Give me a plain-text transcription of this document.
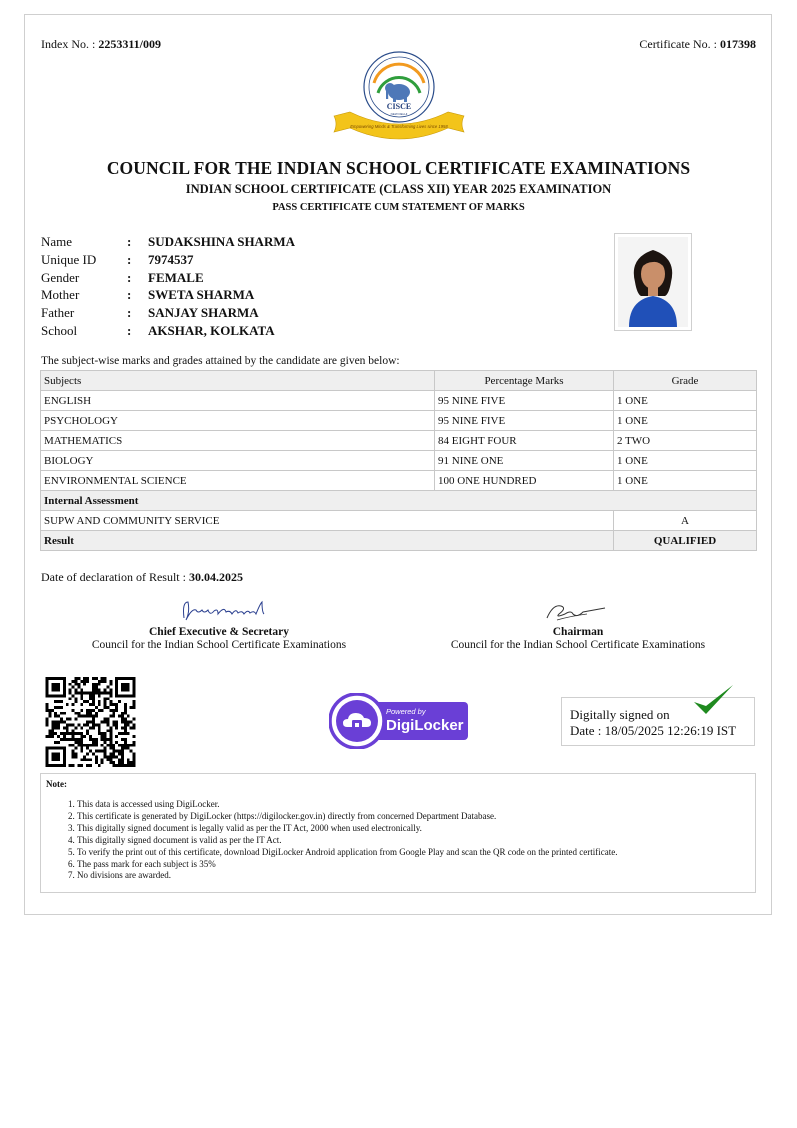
Index No. : 2253311/009	Certificate No. : 017398
CISCE
NEW DELHI
Empowering Minds & Transforming Lives since 1958
COUNCIL FOR THE INDIAN SCHOOL CERTIFICATE EXAMINATIONS
INDIAN SCHOOL CERTIFICATE (CLASS XII) YEAR 2025 EXAMINATION
PASS CERTIFICATE CUM STATEMENT OF MARKS
Name	:	SUDAKSHINA SHARMA
Unique ID	:	7974537
Gender	:	FEMALE
Mother	:	SWETA SHARMA
Father	:	SANJAY SHARMA
School	:	AKSHAR, KOLKATA
The subject-wise marks and grades attained by the candidate are given below:
Subjects	Percentage Marks	Grade
ENGLISH	95 NINE FIVE	1 ONE
PSYCHOLOGY	95 NINE FIVE	1 ONE
MATHEMATICS	84 EIGHT FOUR	2 TWO
BIOLOGY	91 NINE ONE	1 ONE
ENVIRONMENTAL SCIENCE	100 ONE HUNDRED	1 ONE
Internal Assessment		
SUPW AND COMMUNITY SERVICE		A
Result		QUALIFIED
Date of declaration of Result : 30.04.2025
Chief Executive & Secretary
Council for the Indian School Certificate Examinations
Chairman
Council for the Indian School Certificate Examinations
Powered by
DigiLocker
Digitally signed on
Date : 18/05/2025 12:26:19 IST
Note:
1. This data is accessed using DigiLocker.
2. This certificate is generated by DigiLocker (https://digilocker.gov.in) directly from concerned Department Database.
3. This digitally signed document is legally valid as per the IT Act, 2000 when used electronically.
4. This digitally signed document is valid as per the IT Act.
5. To verify the print out of this certificate, download DigiLocker Android application from Google Play and scan the QR code on the printed certificate.
6. The pass mark for each subject is 35%
7. No divisions are awarded.
